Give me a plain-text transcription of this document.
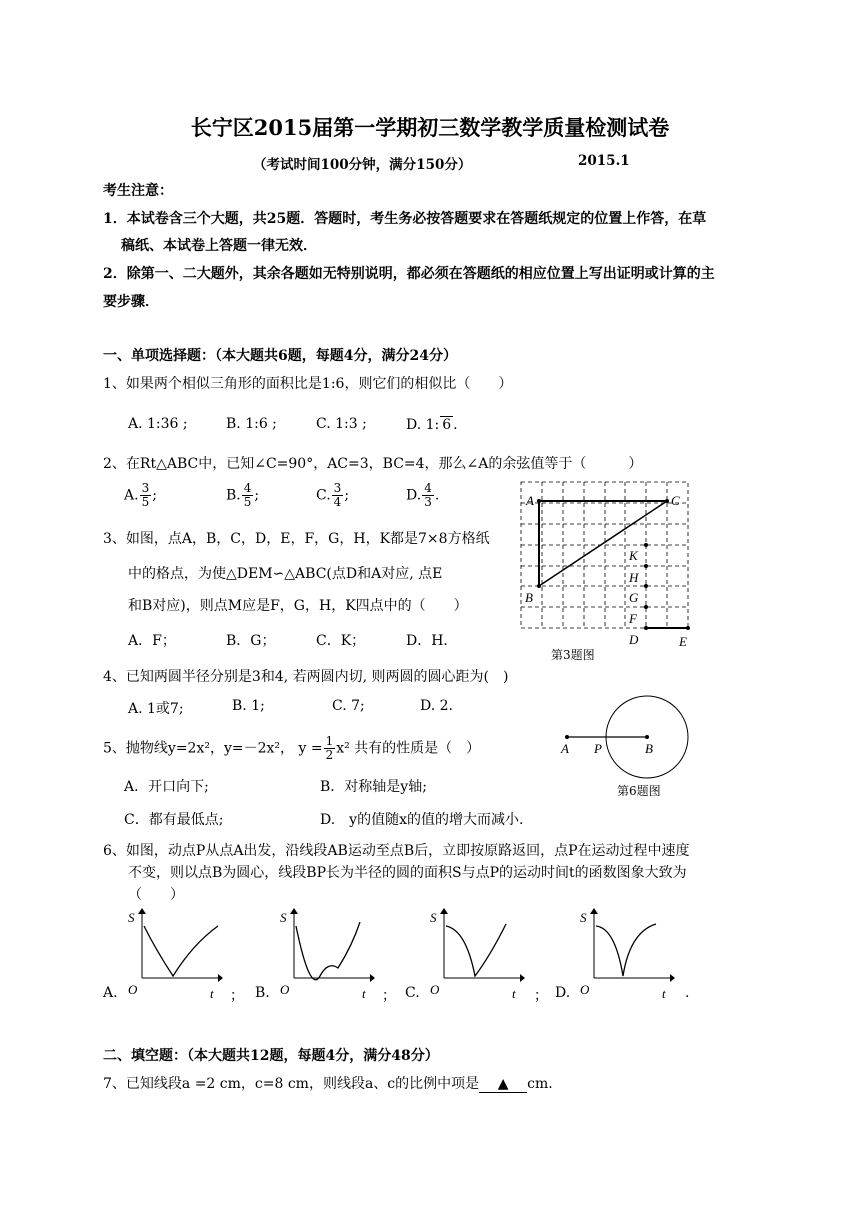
长宁区2015届第一学期初三数学教学质量检测试卷
（考试时间100分钟，满分150分）	2015.1
考生注意：
1．本试卷含三个大题，共25题．答题时，考生务必按答题要求在答题纸规定的位置上作答，在草
稿纸、本试卷上答题一律无效．
2．除第一、二大题外，其余各题如无特别说明，都必须在答题纸的相应位置上写出证明或计算的主
要步骤．
一、单项选择题：（本大题共6题，每题4分，满分24分）
1、如果两个相似三角形的面积比是1:6，则它们的相似比（　　）
A. 1:36 ;	B. 1:6 ;	C. 1:3 ;	D. 1: 6 .
2、在Rt△ABC中，已知∠C=90°，AC=3，BC=4，那么∠A的余弦值等于（　　　）
A. $\frac{3}{5}$ ;	B. $\frac{4}{5}$ ;	C. $\frac{3}{4}$ ;	D. $\frac{4}{3}$ .
3、如图，点A，B，C，D，E，F，G，H，K都是7×8方格纸
中的格点，为使△DEM∽△ABC(点D和A对应, 点E
和B对应)，则点M应是F，G，H，K四点中的（　　）
A．F；	B．G；	C．K；	D．H．
A	C
B
K
H
G
F
D	E
第3题图
4、已知两圆半径分别是3和4, 若两圆内切, 则两圆的圆心距为(　)
A. 1或7;	B. 1;	C. 7;	D. 2.
A P	B
第6题图
5、抛物线y=2x²，y=－2x²， $y = \frac{1}{2} x^2$ 共有的性质是（　）
A．开口向下;	B．对称轴是y轴;
C．都有最低点;	D.　y的值随x的值的增大而减小.
6、如图，动点P从点A出发，沿线段AB运动至点B后，立即按原路返回，点P在运动过程中速度
不变，则以点B为圆心，线段BP长为半径的圆的面积S与点P的运动时间t的函数图象大致为
（　　）
A.
S
O	t ； B.
S
O	t ； C.
S
O	t ； D.
S
O	t .
二、填空题：（本大题共12题，每题4分，满分48分）
7、已知线段a =2 cm，c=8 cm，则线段a、c的比例中项是 ▲ cm.
